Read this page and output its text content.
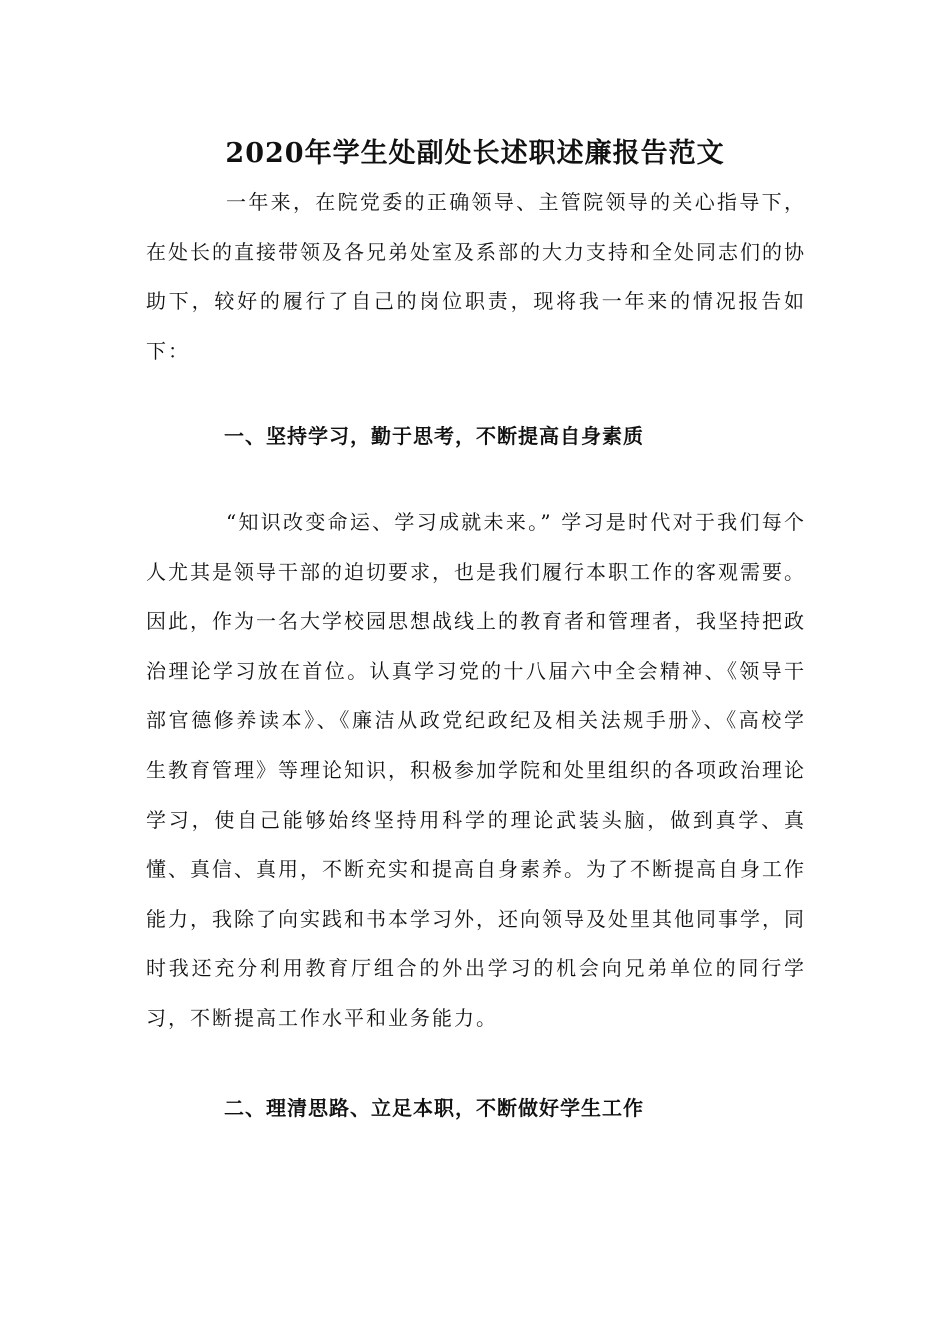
2020年学生处副处长述职述廉报告范文

一年来，在院党委的正确领导、主管院领导的关心指导下，在处长的直接带领及各兄弟处室及系部的大力支持和全处同志们的协助下，较好的履行了自己的岗位职责，现将我一年来的情况报告如下：

一、坚持学习，勤于思考，不断提高自身素质

“知识改变命运、学习成就未来。” 学习是时代对于我们每个人尤其是领导干部的迫切要求，也是我们履行本职工作的客观需要。因此，作为一名大学校园思想战线上的教育者和管理者，我坚持把政治理论学习放在首位。认真学习党的十八届六中全会精神、《领导干部官德修养读本》、《廉洁从政党纪政纪及相关法规手册》、《高校学生教育管理》等理论知识，积极参加学院和处里组织的各项政治理论学习，使自己能够始终坚持用科学的理论武装头脑，做到真学、真懂、真信、真用，不断充实和提高自身素养。为了不断提高自身工作能力，我除了向实践和书本学习外，还向领导及处里其他同事学，同时我还充分利用教育厅组合的外出学习的机会向兄弟单位的同行学习，不断提高工作水平和业务能力。

二、理清思路、立足本职，不断做好学生工作
